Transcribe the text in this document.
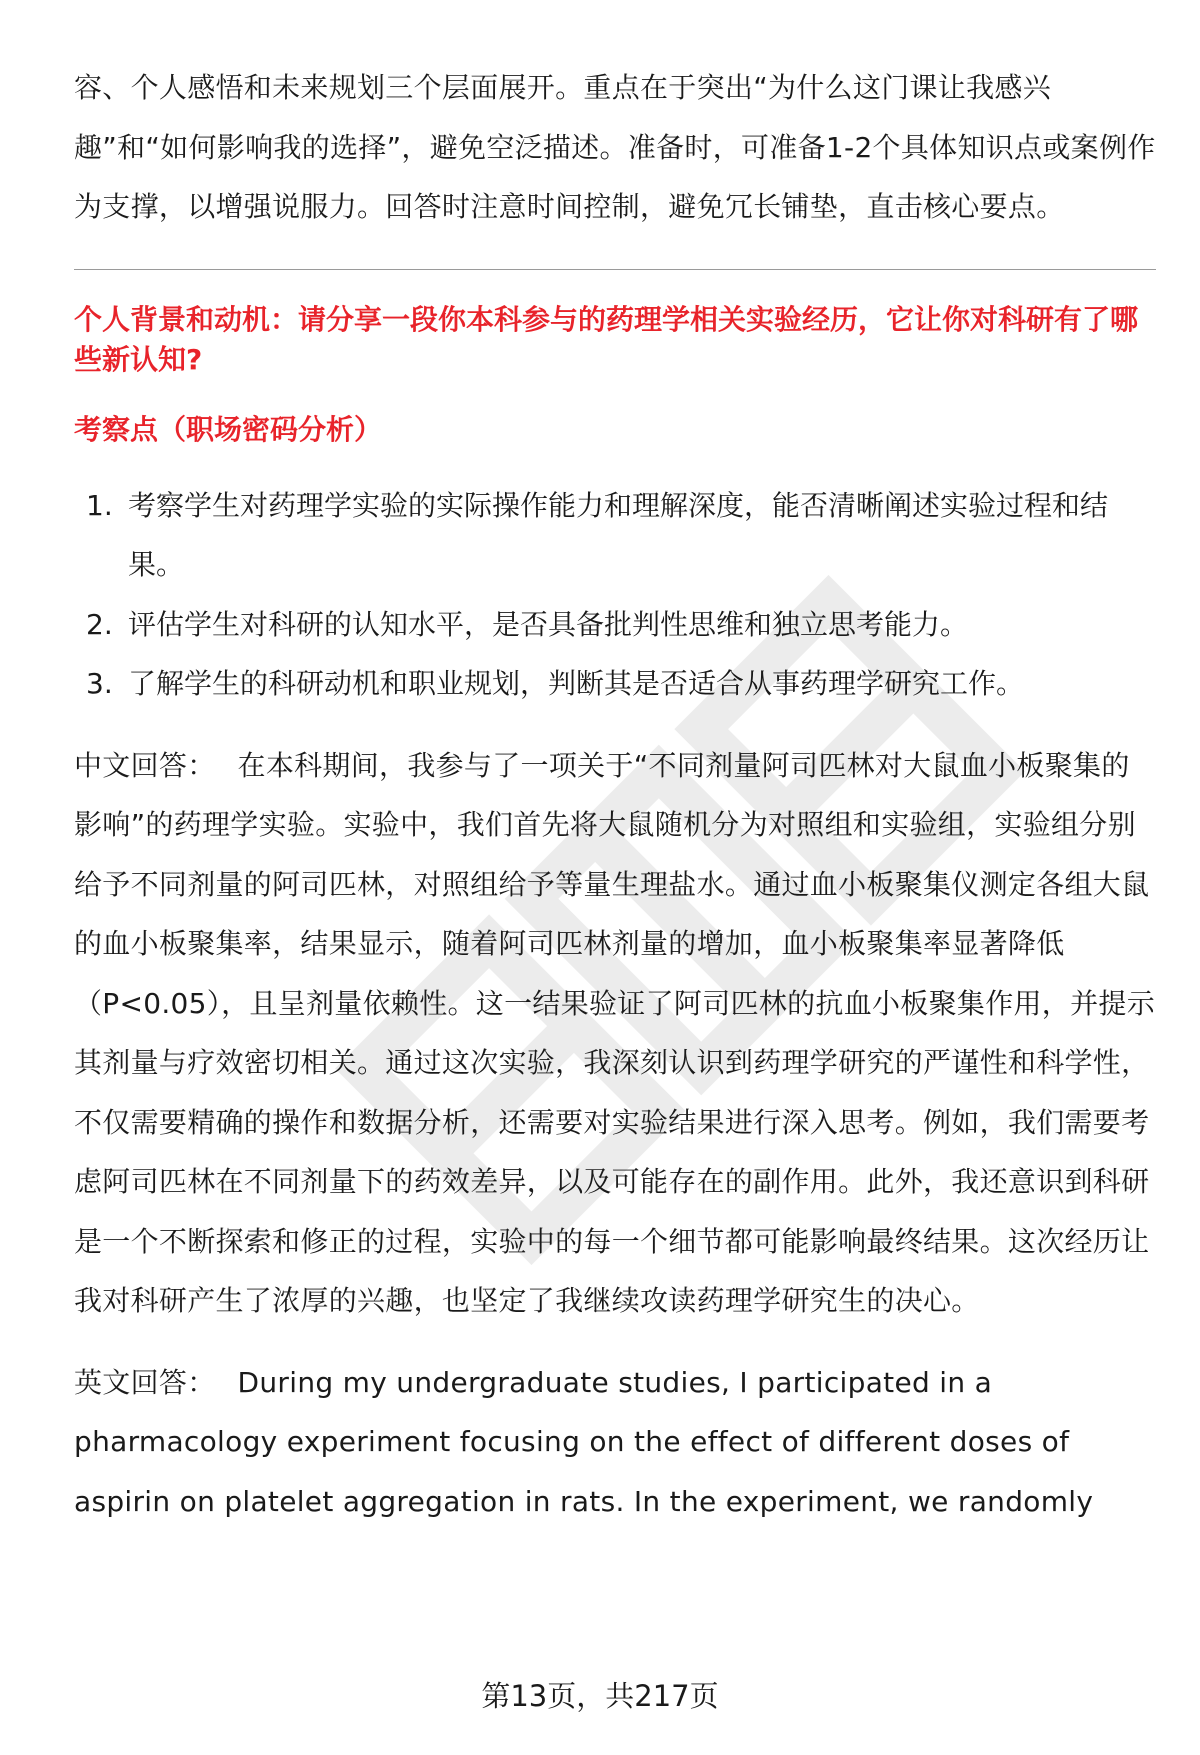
容、个人感悟和未来规划三个层面展开。重点在于突出“为什么这门课让我感兴趣”和“如何影响我的选择”，避免空泛描述。准备时，可准备1-2个具体知识点或案例作为支撑，以增强说服力。回答时注意时间控制，避免冗长铺垫，直击核心要点。

个人背景和动机：请分享一段你本科参与的药理学相关实验经历，它让你对科研有了哪些新认知?

考察点（职场密码分析）

1. 考察学生对药理学实验的实际操作能力和理解深度，能否清晰阐述实验过程和结果。
2. 评估学生对科研的认知水平，是否具备批判性思维和独立思考能力。
3. 了解学生的科研动机和职业规划，判断其是否适合从事药理学研究工作。

中文回答： 在本科期间，我参与了一项关于“不同剂量阿司匹林对大鼠血小板聚集的影响”的药理学实验。实验中，我们首先将大鼠随机分为对照组和实验组，实验组分别给予不同剂量的阿司匹林，对照组给予等量生理盐水。通过血小板聚集仪测定各组大鼠的血小板聚集率，结果显示，随着阿司匹林剂量的增加，血小板聚集率显著降低（P<0.05），且呈剂量依赖性。这一结果验证了阿司匹林的抗血小板聚集作用，并提示其剂量与疗效密切相关。通过这次实验，我深刻认识到药理学研究的严谨性和科学性，不仅需要精确的操作和数据分析，还需要对实验结果进行深入思考。例如，我们需要考虑阿司匹林在不同剂量下的药效差异，以及可能存在的副作用。此外，我还意识到科研是一个不断探索和修正的过程，实验中的每一个细节都可能影响最终结果。这次经历让我对科研产生了浓厚的兴趣，也坚定了我继续攻读药理学研究生的决心。

英文回答： During my undergraduate studies, I participated in a pharmacology experiment focusing on the effect of different doses of aspirin on platelet aggregation in rats. In the experiment, we randomly

第13页，共217页
